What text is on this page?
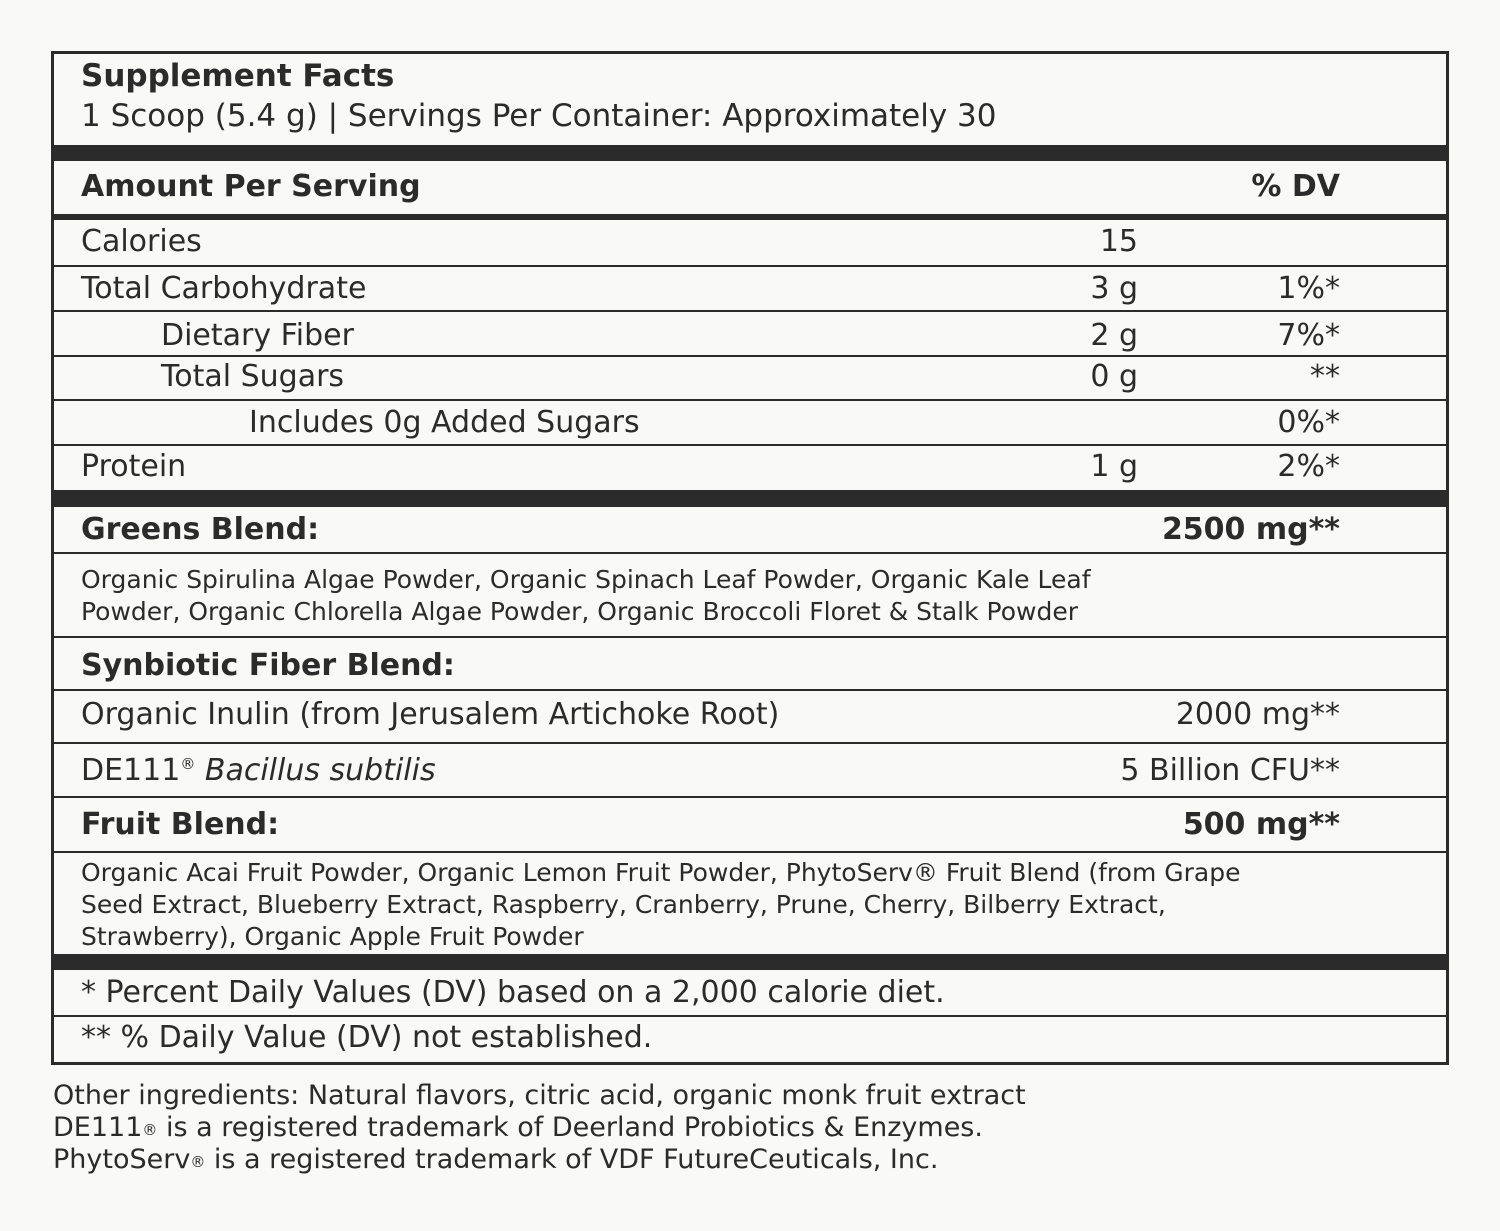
Supplement Facts
1 Scoop (5.4 g) | Servings Per Container: Approximately 30
Amount Per Serving	% DV
Calories	15
Total Carbohydrate	3 g	1%*
Dietary Fiber	2 g	7%*
Total Sugars	0 g	**
Includes 0g Added Sugars	0%*
Protein	1 g	2%*
Greens Blend:	2500 mg**
Organic Spirulina Algae Powder, Organic Spinach Leaf Powder, Organic Kale Leaf
Powder, Organic Chlorella Algae Powder, Organic Broccoli Floret & Stalk Powder
Synbiotic Fiber Blend:
Organic Inulin (from Jerusalem Artichoke Root)	2000 mg**
DE111® Bacillus subtilis	5 Billion CFU**
Fruit Blend:	500 mg**
Organic Acai Fruit Powder, Organic Lemon Fruit Powder, PhytoServ® Fruit Blend (from Grape
Seed Extract, Blueberry Extract, Raspberry, Cranberry, Prune, Cherry, Bilberry Extract,
Strawberry), Organic Apple Fruit Powder
* Percent Daily Values (DV) based on a 2,000 calorie diet.
** % Daily Value (DV) not established.
Other ingredients: Natural flavors, citric acid, organic monk fruit extract
DE111® is a registered trademark of Deerland Probiotics & Enzymes.
PhytoServ® is a registered trademark of VDF FutureCeuticals, Inc.
